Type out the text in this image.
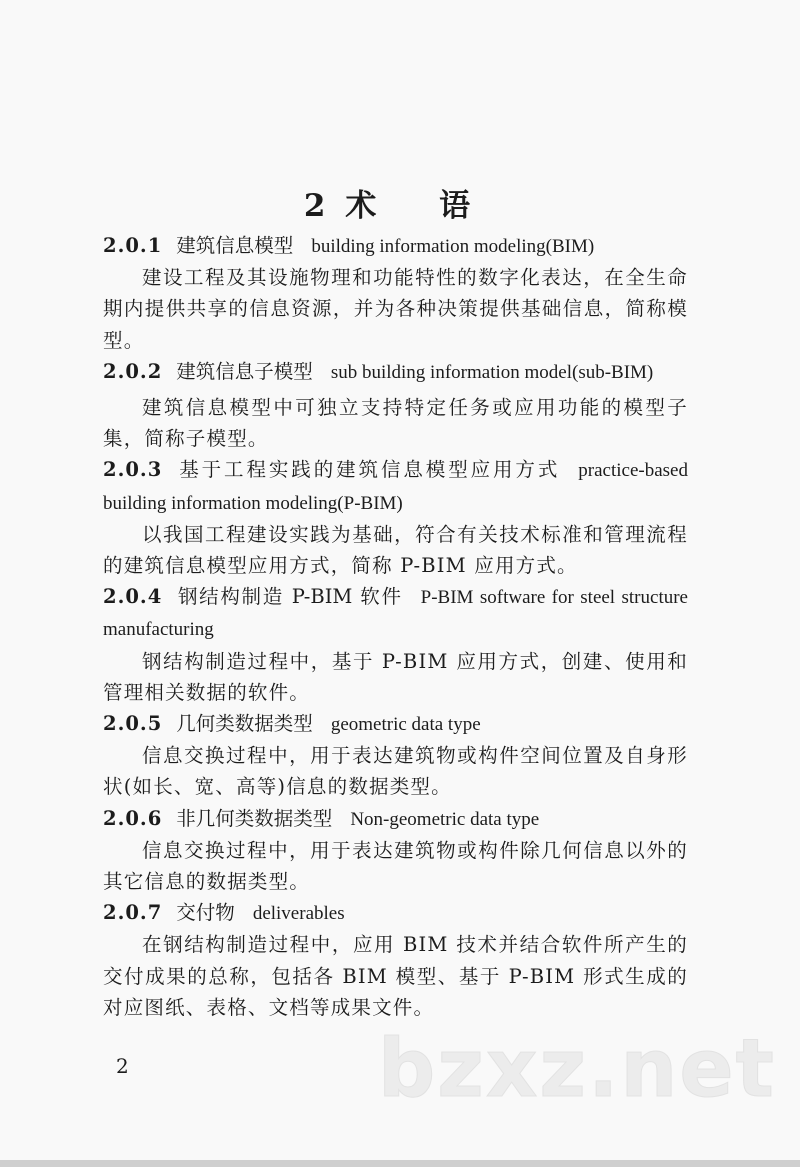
2 术 语

2.0.1 建筑信息模型 building information modeling(BIM)

建设工程及其设施物理和功能特性的数字化表达，在全生命期内提供共享的信息资源，并为各种决策提供基础信息，简称模型。

2.0.2 建筑信息子模型 sub building information model(sub-BIM)

建筑信息模型中可独立支持特定任务或应用功能的模型子集，简称子模型。

2.0.3 基于工程实践的建筑信息模型应用方式 practice-based building information modeling(P-BIM)

以我国工程建设实践为基础，符合有关技术标准和管理流程的建筑信息模型应用方式，简称 P-BIM 应用方式。

2.0.4 钢结构制造 P-BIM 软件 P-BIM software for steel structure manufacturing

钢结构制造过程中，基于 P-BIM 应用方式，创建、使用和管理相关数据的软件。

2.0.5 几何类数据类型 geometric data type

信息交换过程中，用于表达建筑物或构件空间位置及自身形状(如长、宽、高等)信息的数据类型。

2.0.6 非几何类数据类型 Non-geometric data type

信息交换过程中，用于表达建筑物或构件除几何信息以外的其它信息的数据类型。

2.0.7 交付物 deliverables

在钢结构制造过程中，应用 BIM 技术并结合软件所产生的交付成果的总称，包括各 BIM 模型、基于 P-BIM 形式生成的对应图纸、表格、文档等成果文件。

bzxz.net
2
